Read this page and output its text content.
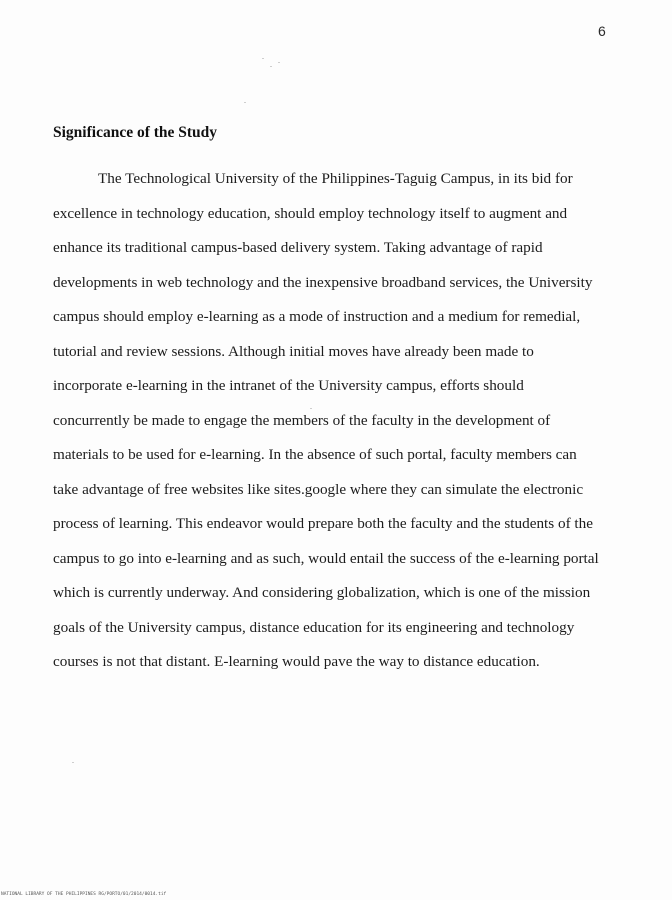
6
Significance of the Study
The Technological University of the Philippines-Taguig Campus, in its bid for
excellence in technology education, should employ technology itself to augment and
enhance its traditional campus-based delivery system. Taking advantage of rapid
developments in web technology and the inexpensive broadband services, the University
campus should employ e-learning as a mode of instruction and a medium for remedial,
tutorial and review sessions. Although initial moves have already been made to
incorporate e-learning in the intranet of the University campus, efforts should
concurrently be made to engage the members of the faculty in the development of
materials to be used for e-learning. In the absence of such portal, faculty members can
take advantage of free websites like sites.google where they can simulate the electronic
process of learning. This endeavor would prepare both the faculty and the students of the
campus to go into e-learning and as such, would entail the success of the e-learning portal
which is currently underway. And considering globalization, which is one of the mission
goals of the University campus, distance education for its engineering and technology
courses is not that distant. E-learning would pave the way to distance education.
NATIONAL LIBRARY OF THE PHILIPPINES RG/PORTO/01/2014/0014.tif
